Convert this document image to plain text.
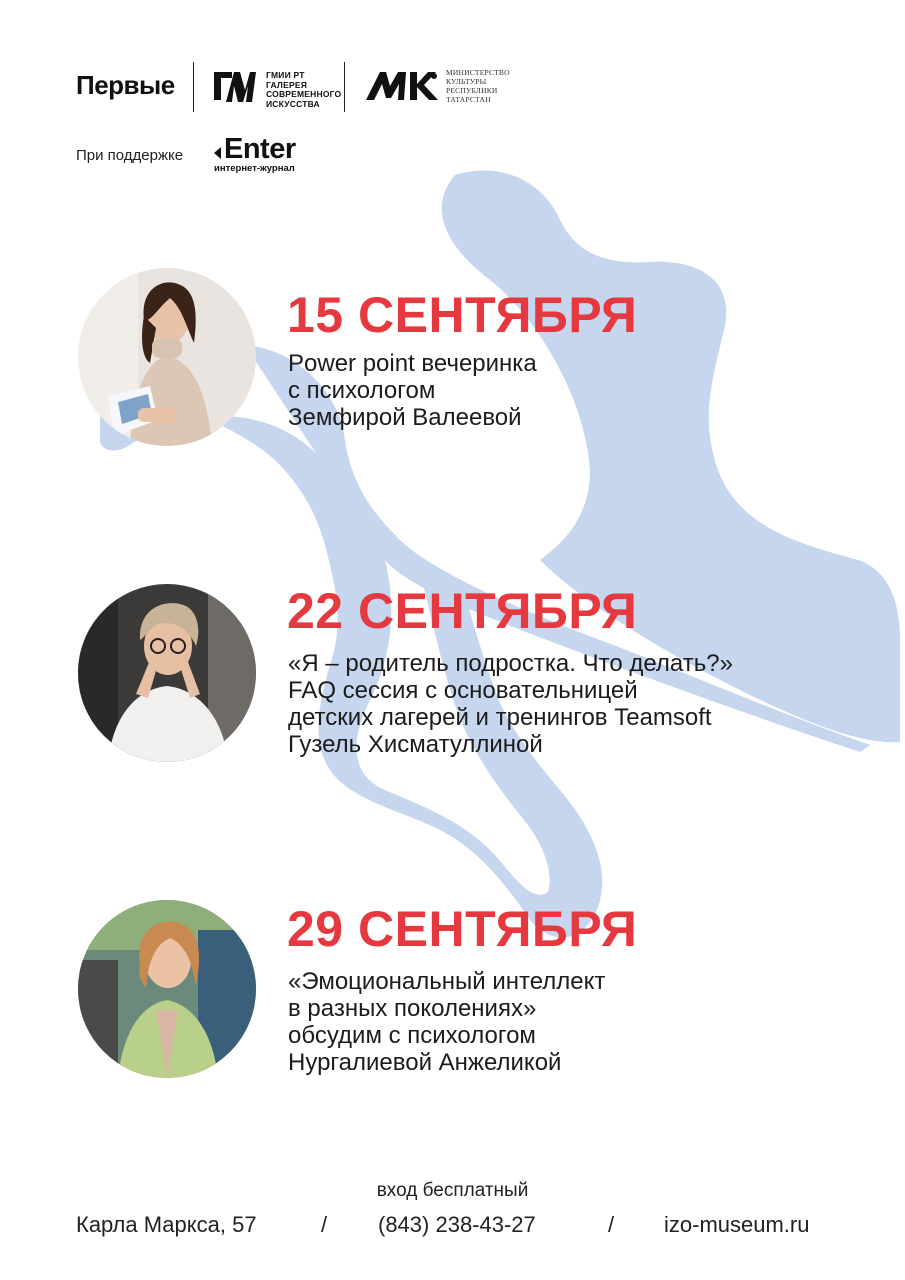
Первые	ГМИИ РТ
ГАЛЕРЕЯ
СОВРЕМЕННОГО
ИСКУССТВА
МИНИСТЕРСТВО
КУЛЬТУРЫ
РЕСПУБЛИКИ
ТАТАРСТАН
При поддержке Enter
интернет-журнал
15 СЕНТЯБРЯ
Power point вечеринка
с психологом
Земфирой Валеевой
22 СЕНТЯБРЯ
«Я – родитель подростка. Что делать?»
FAQ сессия с основательницей
детских лагерей и тренингов Teamsoft
Гузель Хисматуллиной
29 СЕНТЯБРЯ
«Эмоциональный интеллект
в разных поколениях»
обсудим с психологом
Нургалиевой Анжеликой
вход бесплатный
Карла Маркса, 57	/ (843) 238-43-27	/ izo-museum.ru
